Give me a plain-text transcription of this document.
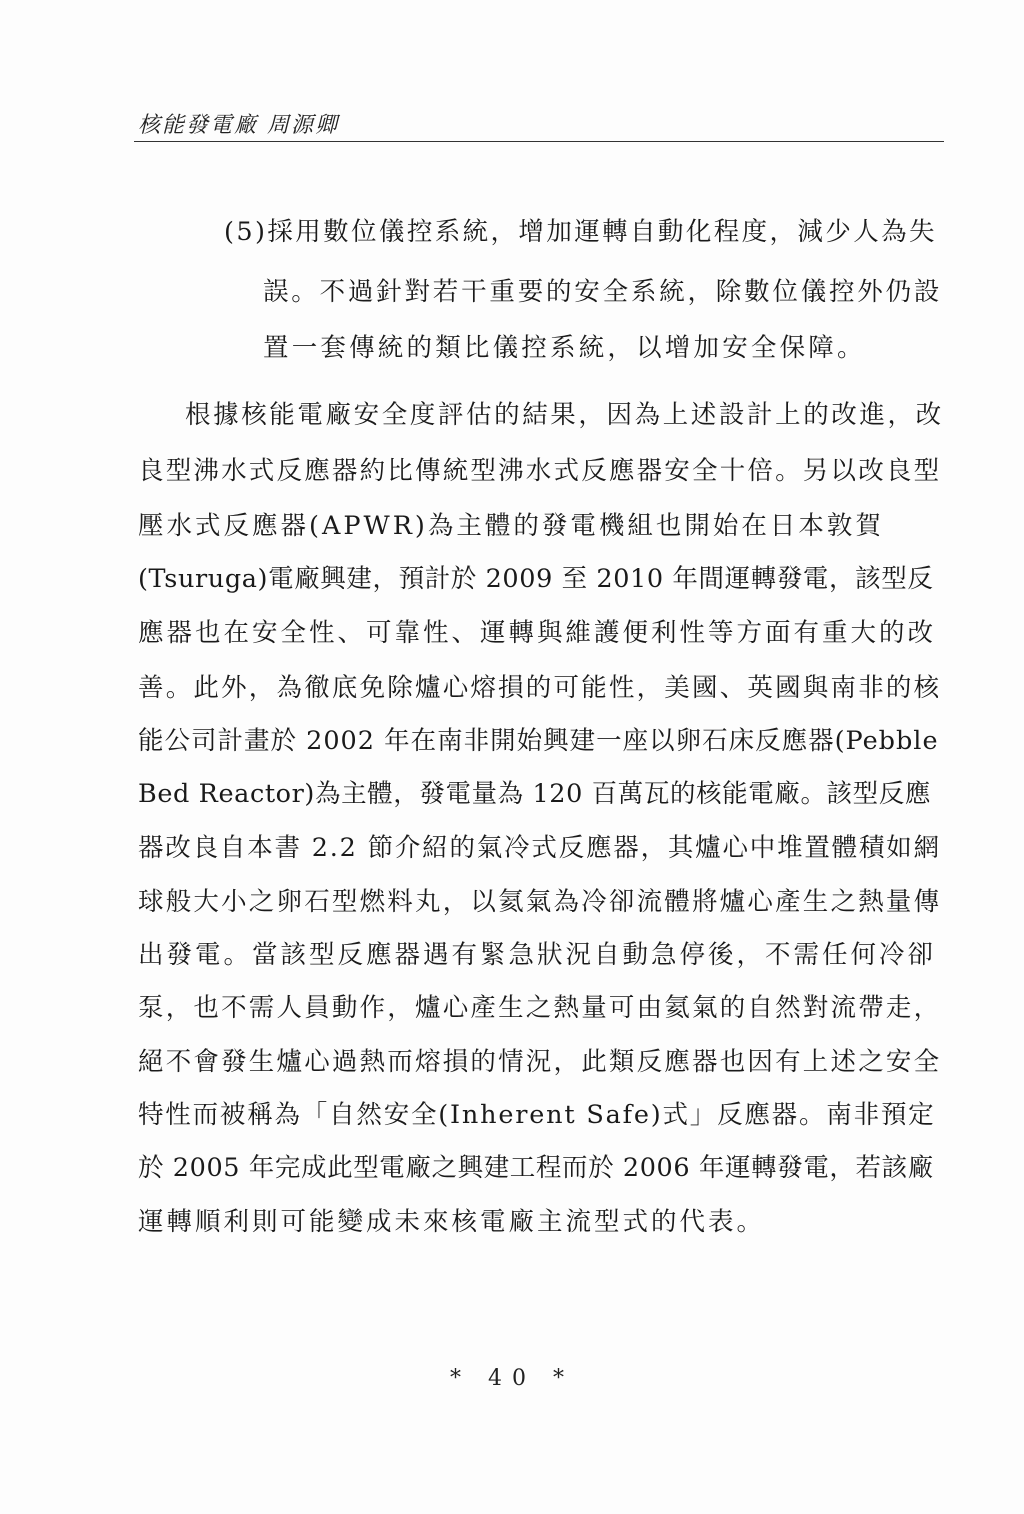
核能發電廠 周源卿
(5)採用數位儀控系統，增加運轉自動化程度，減少人為失
誤。不過針對若干重要的安全系統，除數位儀控外仍設
置一套傳統的類比儀控系統，以增加安全保障。
根據核能電廠安全度評估的結果，因為上述設計上的改進，改
良型沸水式反應器約比傳統型沸水式反應器安全十倍。另以改良型
壓水式反應器(APWR)為主體的發電機組也開始在日本敦賀
(Tsuruga)電廠興建，預計於 2009 至 2010 年間運轉發電，該型反
應器也在安全性、可靠性、運轉與維護便利性等方面有重大的改
善。此外，為徹底免除爐心熔損的可能性，美國、英國與南非的核
能公司計畫於 2002 年在南非開始興建一座以卵石床反應器(Pebble
Bed Reactor)為主體，發電量為 120 百萬瓦的核能電廠。該型反應
器改良自本書 2.2 節介紹的氣冷式反應器，其爐心中堆置體積如網
球般大小之卵石型燃料丸，以氦氣為冷卻流體將爐心產生之熱量傳
出發電。當該型反應器遇有緊急狀況自動急停後，不需任何冷卻
泵，也不需人員動作，爐心產生之熱量可由氦氣的自然對流帶走，
絕不會發生爐心過熱而熔損的情況，此類反應器也因有上述之安全
特性而被稱為「自然安全(Inherent Safe)式」反應器。南非預定
於 2005 年完成此型電廠之興建工程而於 2006 年運轉發電，若該廠
運轉順利則可能變成未來核電廠主流型式的代表。
* 40 *
